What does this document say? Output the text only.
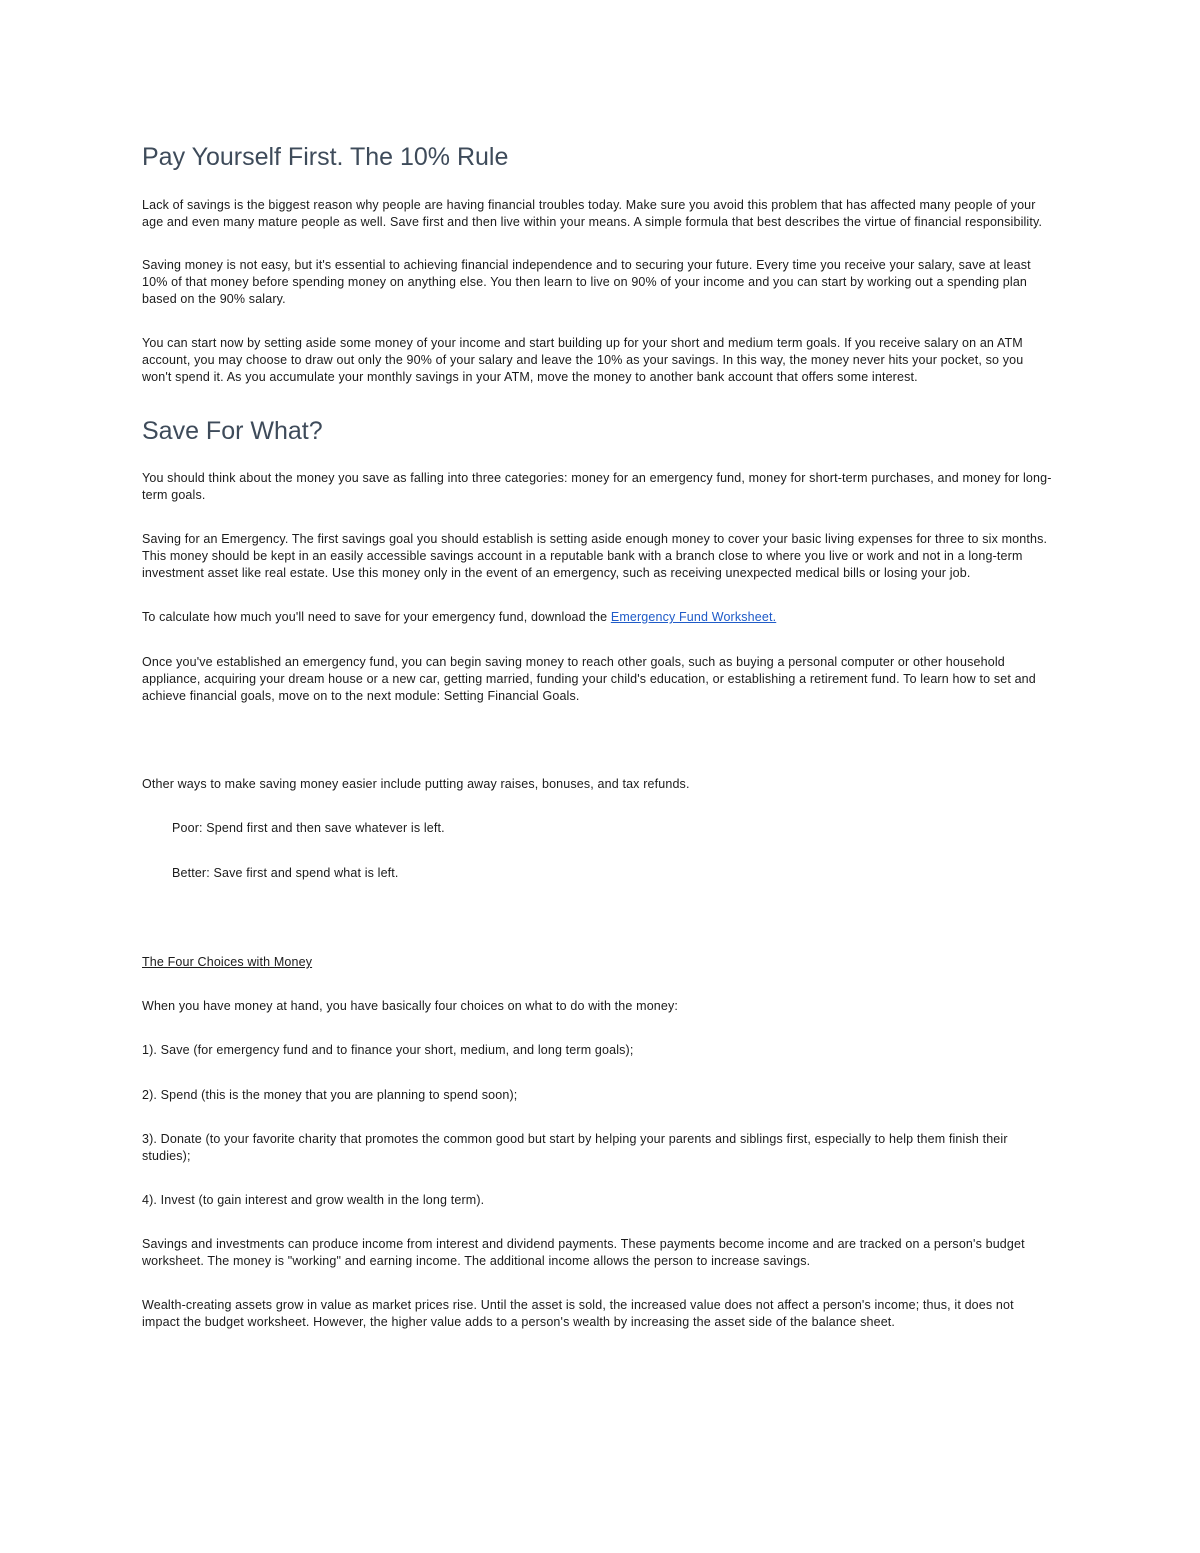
Pay Yourself First. The 10% Rule

Lack of savings is the biggest reason why people are having financial troubles today. Make sure you avoid this problem that has affected many people of your age and even many mature people as well. Save first and then live within your means. A simple formula that best describes the virtue of financial responsibility.

Saving money is not easy, but it's essential to achieving financial independence and to securing your future. Every time you receive your salary, save at least 10% of that money before spending money on anything else. You then learn to live on 90% of your income and you can start by working out a spending plan based on the 90% salary.

You can start now by setting aside some money of your income and start building up for your short and medium term goals. If you receive salary on an ATM account, you may choose to draw out only the 90% of your salary and leave the 10% as your savings. In this way, the money never hits your pocket, so you won't spend it. As you accumulate your monthly savings in your ATM, move the money to another bank account that offers some interest.

Save For What?

You should think about the money you save as falling into three categories: money for an emergency fund, money for short-term purchases, and money for long-term goals.

Saving for an Emergency. The first savings goal you should establish is setting aside enough money to cover your basic living expenses for three to six months. This money should be kept in an easily accessible savings account in a reputable bank with a branch close to where you live or work and not in a long-term investment asset like real estate. Use this money only in the event of an emergency, such as receiving unexpected medical bills or losing your job.

To calculate how much you'll need to save for your emergency fund, download the Emergency Fund Worksheet.

Once you've established an emergency fund, you can begin saving money to reach other goals, such as buying a personal computer or other household appliance, acquiring your dream house or a new car, getting married, funding your child's education, or establishing a retirement fund. To learn how to set and achieve financial goals, move on to the next module: Setting Financial Goals.

Other ways to make saving money easier include putting away raises, bonuses, and tax refunds.

Poor: Spend first and then save whatever is left.

Better: Save first and spend what is left.

The Four Choices with Money

When you have money at hand, you have basically four choices on what to do with the money:

1). Save (for emergency fund and to finance your short, medium, and long term goals);

2). Spend (this is the money that you are planning to spend soon);

3). Donate (to your favorite charity that promotes the common good but start by helping your parents and siblings first, especially to help them finish their studies);

4). Invest (to gain interest and grow wealth in the long term).

Savings and investments can produce income from interest and dividend payments. These payments become income and are tracked on a person's budget worksheet. The money is "working" and earning income. The additional income allows the person to increase savings.

Wealth-creating assets grow in value as market prices rise. Until the asset is sold, the increased value does not affect a person's income; thus, it does not impact the budget worksheet. However, the higher value adds to a person's wealth by increasing the asset side of the balance sheet.
